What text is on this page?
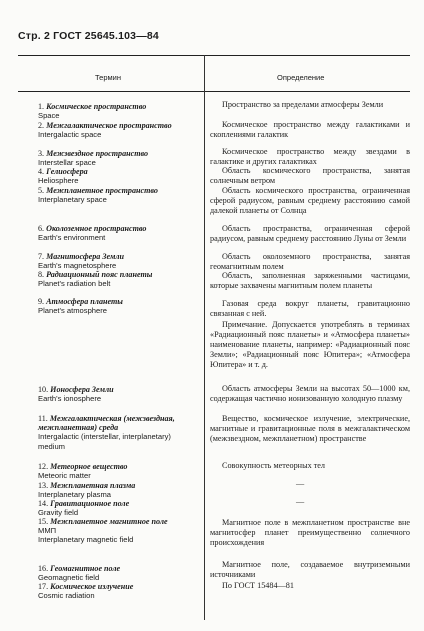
Стр. 2 ГОСТ 25645.103—84
Термин	Определение
1. Космическое пространство
Space
2. Межгалактическое пространство
Intergalactic space
3. Межзвездное пространство
Interstellar space
4. Гелиосфера
Heliosphere
5. Межпланетное пространство
Interplanetary space
6. Околоземное пространство
Earth's environment
7. Магнитосфера Земли
Earth's magnetosphere
8. Радиационный пояс планеты
Planet's radiation belt
9. Атмосфера планеты
Planet's atmosphere
10. Ионосфера Земли
Earth's ionosphere
11. Межгалактическая (межзвездная, межпланетная) среда
Intergalactic (interstellar, interplanetary) medium
12. Метеорное вещество
Meteoric matter
13. Межпланетная плазма
Interplanetary plasma
14. Гравитационное поле
Gravity field
15. Межпланетное магнитное поле
ММП
Interplanetary magnetic field
16. Геомагнитное поле
Geomagnetic field
17. Космическое излучение
Cosmic radiation
Пространство за пределами атмосферы Земли
Космическое пространство между галактиками и скоплениями галактик
Космическое пространство между звездами в галактике и других галактиках
Область космического пространства, занятая солнечным ветром
Область космического пространства, ограниченная сферой радиусом, равным среднему расстоянию самой далекой планеты от Солнца
Область пространства, ограниченная сферой радиусом, равным среднему расстоянию Луны от Земли
Область околоземного пространства, занятая геомагнитным полем
Область, заполненная заряженными частицами, которые захвачены магнитным полем планеты
Газовая среда вокруг планеты, гравитационно связанная с ней.
Примечание. Допускается употреблять в терминах «Радиационный пояс планеты» и «Атмосфера планеты» наименование планеты, например: «Радиационный пояс Земли»; «Радиационный пояс Юпитера»; «Атмосфера Юпитера» и т. д.
Область атмосферы Земли на высотах 50—1000 км, содержащая частично ионизованную холодную плазму
Вещество, космическое излучение, электрические, магнитные и гравитационные поля в межгалактическом (межзвездном, межпланетном) пространстве
Совокупность метеорных тел
—
—
Магнитное поле в межпланетном пространстве вне магнитосфер планет преимущественно солнечного происхождения
Магнитное поле, создаваемое внутриземными источниками
По ГОСТ 15484—81
